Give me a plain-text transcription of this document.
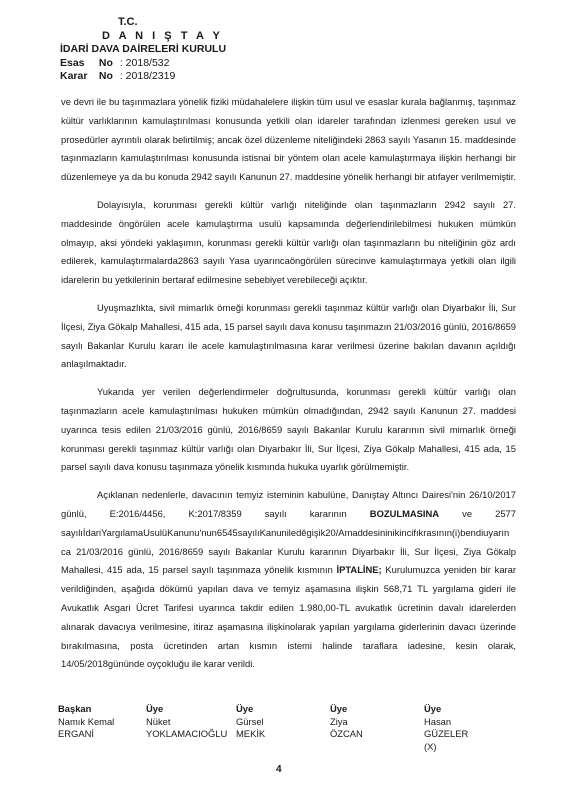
T.C.
D A N I Ş T A Y
İDARİ DAVA DAİRELERİ KURULU
Esas No : 2018/532
Karar No : 2018/2319

ve devri ile bu taşınmazlara yönelik fiziki müdahalelere ilişkin tüm usul ve esaslar kurala bağlanmış, taşınmaz kültür varlıklarının kamulaştırılması konusunda yetkili olan idareler tarafından izlenmesi gereken usul ve prosedürler ayrıntılı olarak belirtilmiş; ancak özel düzenleme niteliğindeki 2863 sayılı Yasanın 15. maddesinde taşınmazların kamulaştırılması konusunda istisnai bir yöntem olan acele kamulaştırmaya ilişkin herhangi bir düzenlemeye ya da bu konuda 2942 sayılı Kanunun 27. maddesine yönelik herhangi bir atıfayer verilmemiştir.

Dolayısıyla, korunması gerekli kültür varlığı niteliğinde olan taşınmazların 2942 sayılı 27. maddesinde öngörülen acele kamulaştırma usulü kapsamında değerlendirilebilmesi hukuken mümkün olmayıp, aksi yöndeki yaklaşımın, korunması gerekli kültür varlığı olan taşınmazların bu niteliğinin göz ardı edilerek, kamulaştırmalarda2863 sayılı Yasa uyarıncaöngörülen sürecinve kamulaştırmaya yetkili olan ilgili idarelerin bu yetkilerinin bertaraf edilmesine sebebiyet verebileceği açıktır.

Uyuşmazlıkta, sivil mimarlık örneği korunması gerekli taşınmaz kültür varlığı olan Diyarbakır İli, Sur İlçesi, Ziya Gökalp Mahallesi, 415 ada, 15 parsel sayılı dava konusu taşınmazın 21/03/2016 günlü, 2016/8659 sayılı Bakanlar Kurulu kararı ile acele kamulaştırılmasına karar verilmesi üzerine bakılan davanın açıldığı anlaşılmaktadır.

Yukarıda yer verilen değerlendirmeler doğrultusunda, korunması gerekli kültür varlığı olan taşınmazların acele kamulaştırılması hukuken mümkün olmadığından, 2942 sayılı Kanunun 27. maddesi uyarınca tesis edilen 21/03/2016 günlü, 2016/8659 sayılı Bakanlar Kurulu kararının sivil mimarlık örneği korunması gerekli taşınmaz kültür varlığı olan Diyarbakır İli, Sur İlçesi, Ziya Gökalp Mahallesi, 415 ada, 15 parsel sayılı dava konusu taşınmaza yönelik kısmında hukuka uyarlık görülmemiştir.

Açıklanan nedenlerle, davacının temyiz isteminin kabulüne, Danıştay Altıncı Dairesi'nin 26/10/2017 günlü, E:2016/4456, K:2017/8359 sayılı kararının BOZULMASINA ve 2577 sayılıİdariYargılamaUsulüKanunu'nun6545sayılıKanunileděgişik20/Amaddesininikincifıkrasının(i)bendiuyarın ca 21/03/2016 günlü, 2016/8659 sayılı Bakanlar Kurulu kararının Diyarbakır İli, Sur İlçesi, Ziya Gökalp Mahallesi, 415 ada, 15 parsel sayılı taşınmaza yönelik kısmının İPTALİNE; Kurulumuzca yeniden bir karar verildiğinden, aşağıda dökümü yapılan dava ve temyiz aşamasına ilişkin 568,71 TL yargılama gideri ile Avukatlık Asgari Ücret Tarifesi uyarınca takdir edilen 1.980,00-TL avukatlık ücretinin davalı idarelerden alınarak davacıya verilmesine, itiraz aşamasına ilişkinolarak yapılan yargılama giderlerinin davacı üzerinde bırakılmasına, posta ücretinden artan kısmın istemi halinde taraflara iadesine, kesin olarak, 14/05/2018gününde oyçokluğu ile karar verildi.

Başkan
Namık Kemal
ERGANİ
Üye
Nüket
YOKLAMACIOĞLU
Üye
Gürsel
MEKİK
Üye
Ziya
ÖZCAN
Üye
Hasan
GÜZELER
(X)
4
